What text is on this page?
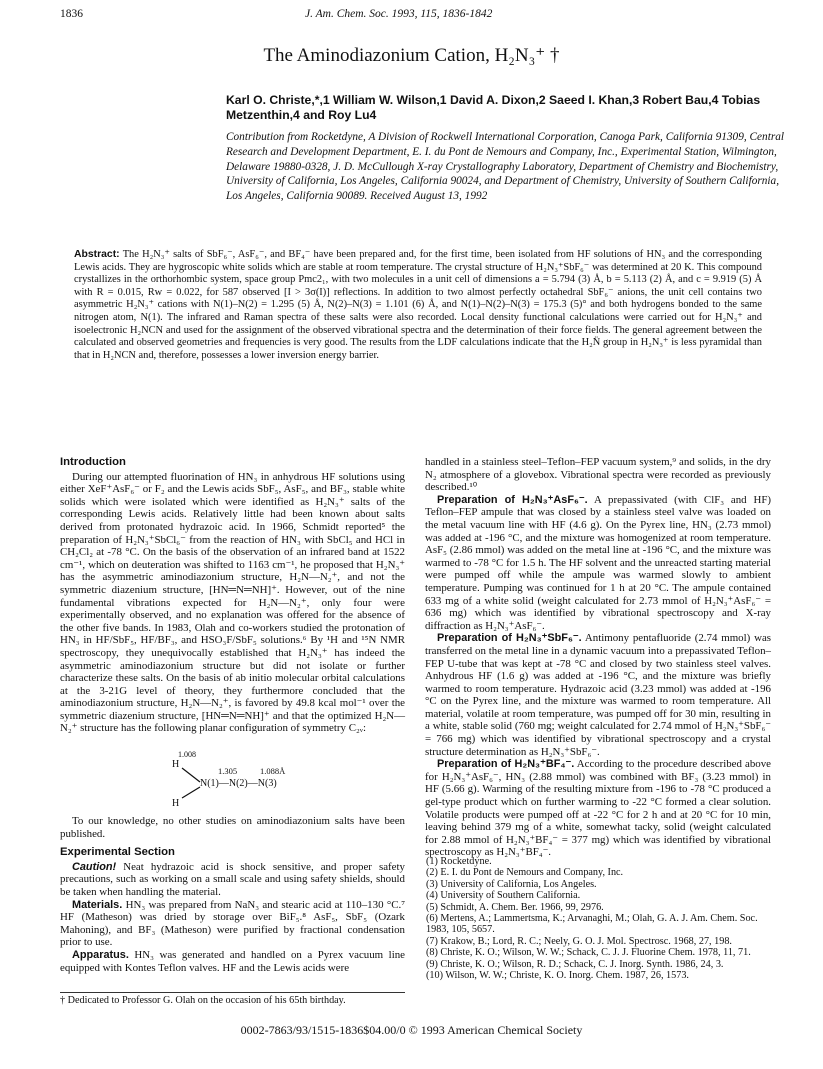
1836	J. Am. Chem. Soc. 1993, 115, 1836-1842
The Aminodiazonium Cation, H₂N₃⁺ †
Karl O. Christe,*,1 William W. Wilson,1 David A. Dixon,2 Saeed I. Khan,3 Robert Bau,4 Tobias Metzenthin,4 and Roy Lu4
Contribution from Rocketdyne, A Division of Rockwell International Corporation, Canoga Park, California 91309, Central Research and Development Department, E. I. du Pont de Nemours and Company, Inc., Experimental Station, Wilmington, Delaware 19880-0328, J. D. McCullough X-ray Crystallography Laboratory, Department of Chemistry and Biochemistry, University of California, Los Angeles, California 90024, and Department of Chemistry, University of Southern California, Los Angeles, California 90089. Received August 13, 1992
Abstract: The H₂N₃⁺ salts of SbF₆⁻, AsF₆⁻, and BF₄⁻ have been prepared and, for the first time, been isolated from HF solutions of HN₃ and the corresponding Lewis acids. They are hygroscopic white solids which are stable at room temperature. The crystal structure of H₂N₃⁺SbF₆⁻ was determined at 20 K. This compound crystallizes in the orthorhombic system, space group Pmc2₁, with two molecules in a unit cell of dimensions a = 5.794 (3) Å, b = 5.113 (2) Å, and c = 9.919 (5) Å with R = 0.015, Rw = 0.022, for 587 observed [I > 3σ(I)] reflections. In addition to two almost perfectly octahedral SbF₆⁻ anions, the unit cell contains two asymmetric H₂N₃⁺ cations with N(1)–N(2) = 1.295 (5) Å, N(2)–N(3) = 1.101 (6) Å, and N(1)–N(2)–N(3) = 175.3 (5)° and both hydrogens bonded to the same nitrogen atom, N(1). The infrared and Raman spectra of these salts were also recorded. Local density functional calculations were carried out for H₂N₃⁺ and isoelectronic H₂NCN and used for the assignment of the observed vibrational spectra and the determination of their force fields. The general agreement between the calculated and observed geometries and frequencies is very good. The results from the LDF calculations indicate that the H₂N̈ group in H₂N₃⁺ is less pyramidal than that in H₂NCN and, therefore, possesses a lower inversion energy barrier.
Introduction

During our attempted fluorination of HN₃ in anhydrous HF solutions using either XeF⁺AsF₆⁻ or F₂ and the Lewis acids SbF₅, AsF₅, and BF₃, stable white solids which were isolated which were identified as H₂N₃⁺ salts of the corresponding Lewis acids. Relatively little had been known about salts derived from protonated hydrazoic acid. In 1966, Schmidt reported⁵ the preparation of H₂N₃⁺SbCl₆⁻ from the reaction of HN₃ with SbCl₅ and HCl in CH₂Cl₂ at -78 °C. On the basis of the observation of an infrared band at 1522 cm⁻¹, which on deuteration was shifted to 1163 cm⁻¹, he proposed that H₂N₃⁺ has the asymmetric aminodiazonium structure, H₂N—N₂⁺, and not the symmetric diazenium structure, [HN═N═NH]⁺. However, out of the nine fundamental vibrations expected for H₂N—N₂⁺, only four were experimentally observed, and no explanation was offered for the absence of the other five bands. In 1983, Olah and co-workers studied the protonation of HN₃ in HF/SbF₅, HF/BF₃, and HSO₃F/SbF₅ solutions.⁶ By ¹H and ¹⁵N NMR spectroscopy, they unequivocally established that H₂N₃⁺ has indeed the asymmetric aminodiazonium structure but did not isolate or further characterize these salts. On the basis of ab initio molecular orbital calculations at the 3-21G level of theory, they furthermore concluded that the aminodiazonium structure, H₂N—N₂⁺, is favored by 49.8 kcal mol⁻¹ over the symmetric diazenium structure, [HN═N═NH]⁺ and that the optimized H₂N—N₂⁺ structure has the following planar configuration of symmetry C₂ᵥ:

1.008
H
1.305	1.088Å
N(1)—N(2)—N(3)
H

To our knowledge, no other studies on aminodiazonium salts have been published.

Experimental Section

Caution! Neat hydrazoic acid is shock sensitive, and proper safety precautions, such as working on a small scale and using safety shields, should be taken when handling the material.

Materials. HN₃ was prepared from NaN₃ and stearic acid at 110–130 °C.⁷ HF (Matheson) was dried by storage over BiF₅.⁸ AsF₅, SbF₅ (Ozark Mahoning), and BF₃ (Matheson) were purified by fractional condensation prior to use.

Apparatus. HN₃ was generated and handled on a Pyrex vacuum line equipped with Kontes Teflon valves. HF and the Lewis acids were

handled in a stainless steel–Teflon–FEP vacuum system,⁹ and solids, in the dry N₂ atmosphere of a glovebox. Vibrational spectra were recorded as previously described.¹⁰

Preparation of H₂N₃⁺AsF₆⁻. A prepassivated (with ClF₃ and HF) Teflon–FEP ampule that was closed by a stainless steel valve was loaded on the metal vacuum line with HF (4.6 g). On the Pyrex line, HN₃ (2.73 mmol) was added at -196 °C, and the mixture was homogenized at room temperature. AsF₅ (2.86 mmol) was added on the metal line at -196 °C, and the mixture was warmed to -78 °C for 1.5 h. The HF solvent and the unreacted starting material were pumped off while the ampule was warmed slowly to ambient temperature. Pumping was continued for 1 h at 20 °C. The ampule contained 633 mg of a white solid (weight calculated for 2.73 mmol of H₂N₃⁺AsF₆⁻ = 636 mg) which was identified by vibrational spectroscopy and X-ray diffraction as H₂N₃⁺AsF₆⁻.

Preparation of H₂N₃⁺SbF₆⁻. Antimony pentafluoride (2.74 mmol) was transferred on the metal line in a dynamic vacuum into a prepassivated Teflon–FEP U-tube that was kept at -78 °C and closed by two stainless steel valves. Anhydrous HF (1.6 g) was added at -196 °C, and the mixture was briefly warmed to room temperature. Hydrazoic acid (3.23 mmol) was added at -196 °C on the Pyrex line, and the mixture was warmed to room temperature. All material, volatile at room temperature, was pumped off for 30 min, resulting in a white, stable solid (760 mg; weight calculated for 2.74 mmol of H₂N₃⁺SbF₆⁻ = 766 mg) which was identified by vibrational spectroscopy and a crystal structure determination as H₂N₃⁺SbF₆⁻.

Preparation of H₂N₃⁺BF₄⁻. According to the procedure described above for H₂N₃⁺AsF₆⁻, HN₃ (2.88 mmol) was combined with BF₃ (3.23 mmol) in HF (5.66 g). Warming of the resulting mixture from -196 to -78 °C produced a gel-type product which on further warming to -22 °C formed a clear solution. Volatile products were pumped off at -22 °C for 2 h and at 20 °C for 10 min, leaving behind 379 mg of a white, somewhat tacky, solid (weight calculated for 2.88 mmol of H₂N₃⁺BF₄⁻ = 377 mg) which was identified by vibrational spectroscopy as H₂N₃⁺BF₄⁻.

(1) Rocketdyne.
(2) E. I. du Pont de Nemours and Company, Inc.
(3) University of California, Los Angeles.
(4) University of Southern California.
(5) Schmidt, A. Chem. Ber. 1966, 99, 2976.
(6) Mertens, A.; Lammertsma, K.; Arvanaghi, M.; Olah, G. A. J. Am. Chem. Soc. 1983, 105, 5657.
(7) Krakow, B.; Lord, R. C.; Neely, G. O. J. Mol. Spectrosc. 1968, 27, 198.
(8) Christe, K. O.; Wilson, W. W.; Schack, C. J. J. Fluorine Chem. 1978, 11, 71.
(9) Christe, K. O.; Wilson, R. D.; Schack, C. J. Inorg. Synth. 1986, 24, 3.
(10) Wilson, W. W.; Christe, K. O. Inorg. Chem. 1987, 26, 1573.
† Dedicated to Professor G. Olah on the occasion of his 65th birthday.
0002-7863/93/1515-1836$04.00/0 © 1993 American Chemical Society
